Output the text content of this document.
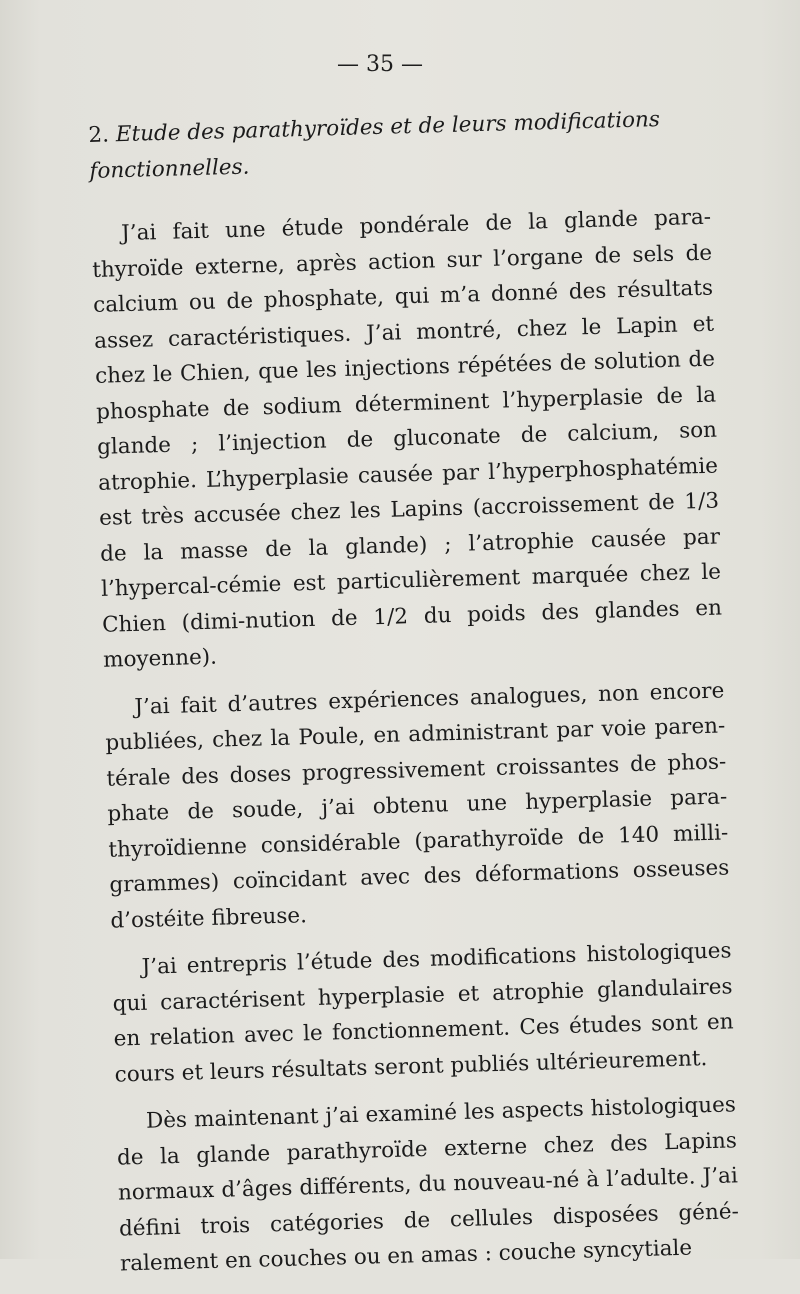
— 35 —
2. Etude des parathyroïdes et de leurs modifications fonctionnelles.

J’ai fait une étude pondérale de la glande para-thyroïde externe, après action sur l’organe de sels de calcium ou de phosphate, qui m’a donné des résultats assez caractéristiques. J’ai montré, chez le Lapin et chez le Chien, que les injections répétées de solution de phosphate de sodium déterminent l’hyperplasie de la glande ; l’injection de gluconate de calcium, son atrophie. L’hyperplasie causée par l’hyperphosphatémie est très accusée chez les Lapins (accroissement de 1/3 de la masse de la glande) ; l’atrophie causée par l’hypercal-cémie est particulièrement marquée chez le Chien (dimi-nution de 1/2 du poids des glandes en moyenne).

J’ai fait d’autres expériences analogues, non encore publiées, chez la Poule, en administrant par voie paren-térale des doses progressivement croissantes de phos-phate de soude, j’ai obtenu une hyperplasie para-thyroïdienne considérable (parathyroïde de 140 milli-grammes) coïncidant avec des déformations osseuses d’ostéite fibreuse.

J’ai entrepris l’étude des modifications histologiques qui caractérisent hyperplasie et atrophie glandulaires en relation avec le fonctionnement. Ces études sont en cours et leurs résultats seront publiés ultérieurement.

Dès maintenant j’ai examiné les aspects histologiques de la glande parathyroïde externe chez des Lapins normaux d’âges différents, du nouveau-né à l’adulte. J’ai défini trois catégories de cellules disposées géné-ralement en couches ou en amas : couche syncytiale
